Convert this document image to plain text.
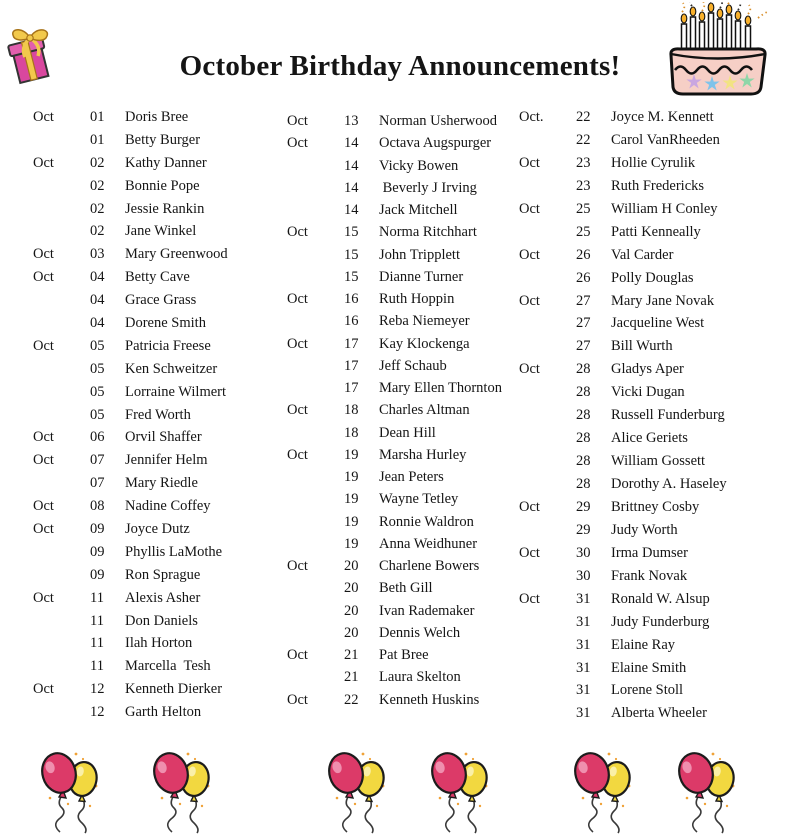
October Birthday Announcements!
Oct 01 Doris Bree
01 Betty Burger
Oct 02 Kathy Danner
02 Bonnie Pope
02 Jessie Rankin
02 Jane Winkel
Oct 03 Mary Greenwood
Oct 04 Betty Cave
04 Grace Grass
04 Dorene Smith
Oct 05 Patricia Freese
05 Ken Schweitzer
05 Lorraine Wilmert
05 Fred Worth
Oct 06 Orvil Shaffer
Oct 07 Jennifer Helm
07 Mary Riedle
Oct 08 Nadine Coffey
Oct 09 Joyce Dutz
09 Phyllis LaMothe
09 Ron Sprague
Oct 11 Alexis Asher
11 Don Daniels
11 Ilah Horton
11 Marcella  Tesh
Oct 12 Kenneth Dierker
12 Garth Helton
Oct 13 Norman Usherwood
Oct 14 Octava Augspurger
14 Vicky Bowen
14 Beverly J Irving
14 Jack Mitchell
Oct 15 Norma Ritchhart
15 John Tripplett
15 Dianne Turner
Oct 16 Ruth Hoppin
16 Reba Niemeyer
Oct 17 Kay Klockenga
17 Jeff Schaub
17 Mary Ellen Thornton
Oct 18 Charles Altman
18 Dean Hill
Oct 19 Marsha Hurley
19 Jean Peters
19 Wayne Tetley
19 Ronnie Waldron
19 Anna Weidhuner
Oct 20 Charlene Bowers
20 Beth Gill
20 Ivan Rademaker
20 Dennis Welch
Oct 21 Pat Bree
21 Laura Skelton
Oct 22 Kenneth Huskins
Oct. 22 Joyce M. Kennett
22 Carol VanRheeden
Oct 23 Hollie Cyrulik
23 Ruth Fredericks
Oct 25 William H Conley
25 Patti Kenneally
Oct 26 Val Carder
26 Polly Douglas
Oct 27 Mary Jane Novak
27 Jacqueline West
27 Bill Wurth
Oct 28 Gladys Aper
28 Vicki Dugan
28 Russell Funderburg
28 Alice Geriets
28 William Gossett
28 Dorothy A. Haseley
Oct 29 Brittney Cosby
29 Judy Worth
Oct 30 Irma Dumser
30 Frank Novak
Oct 31 Ronald W. Alsup
31 Judy Funderburg
31 Elaine Ray
31 Elaine Smith
31 Lorene Stoll
31 Alberta Wheeler
